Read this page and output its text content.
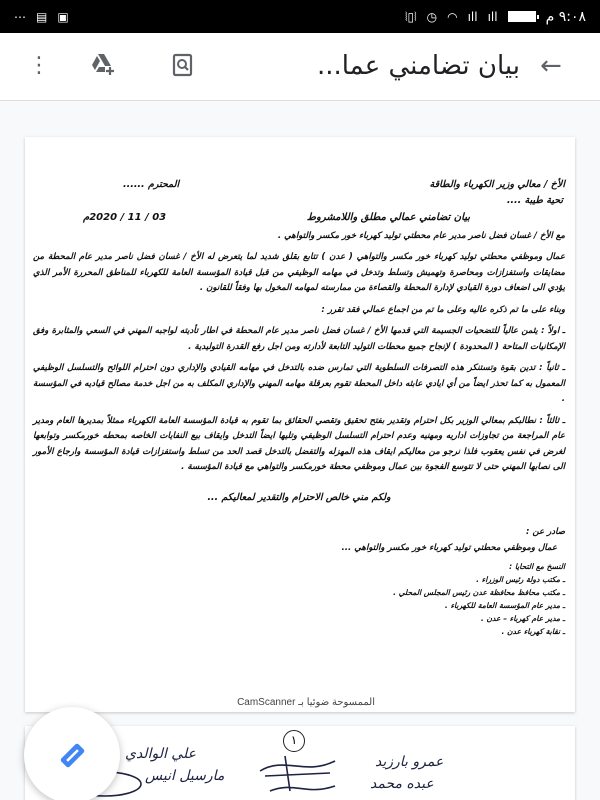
⋯ ▤ ▣	⦚▯⦚ ◷ ◠ ıll ıll	٩:٠٨ م
⋮	بيان تضامني عما... ←
الأخ / معالي وزير الكهرباء والطاقة
المحترم ......
تحية طيبة ....
بيان تضامني عمالي مطلق واللامشروط
03 / 11 / 2020م
مع الأخ / غسان فضل ناصر مدير عام محطتي توليد كهرباء خور مكسر والتواهي .
عمال وموظفي محطتي توليد كهرباء خور مكسر والتواهي ( عدن ) تتابع بقلق شديد لما يتعرض له الأخ / غسان فضل ناصر مدير عام المحطة من مضايقات واستفزازات ومحاصرة وتهميش وتسلط وتدخل في مهامه الوظيفي من قبل قيادة المؤسسة العامة للكهرباء للمناطق المحررة الأمر الذي يؤدي الى اضعاف دورة القيادي لإدارة المحطة والقصاءة من ممارسته لمهامه المخول بها وفقاً للقانون .
وبناء على ما تم ذكره عاليه وعلى ما تم من اجماع عمالي فقد تقرر :
ـ اولاً : يثمن عالياً للتضحيات الجسيمة التي قدمها الأخ / غسان فضل ناصر مدير عام المحطة في اطار تأديته لواجبه المهني في السعي والمثابرة وفق الإمكانيات المتاحة ( المحدودة ) لإنجاح جميع محطات التوليد التابعة لأدارته ومن اجل رفع القدرة التوليدية .
ـ ثانياً : تدين بقوة وتستنكر هذه التصرفات السلطوية التي تمارس ضده بالتدخل في مهامه القيادي والإداري دون احترام اللوائح والتسلسل الوظيفي المعمول به كما تحذر ايضاً من أي ايادي عابثه داخل المحطة تقوم بعرقلة مهامه المهني والإداري المكلف به من اجل خدمة مصالح قياديه في المؤسسة .
ـ ثالثاً : نطالبكم بمعالي الوزير بكل احترام وتقدير بفتح تحقيق وتقصي الحقائق بما تقوم به قيادة المؤسسة العامة الكهرباء ممثلاً بمديرها العام ومدير عام المراجعة من تجاوزات اداريه ومهنيه وعدم احترام التسلسل الوظيفي وتليها ايضاً التدخل وايقاف بيع النفايات الخاصه بمحطه خورمكسر وتوابعها لغرض في نفس يعقوب فلذا نرجو من معاليكم ايقاف هذه المهزله والتفضل بالتدخل قصد الحد من تسلط واستفزازات قيادة المؤسسة وارجاع الأمور الى نصابها المهني حتى لا تتوسع الفجوة بين عمال وموظفي محطة خورمكسر والتواهي مع قيادة المؤسسة .
ولكم مني خالص الاحترام والتقدير لمعاليكم ...
صادر عن :
عمال وموظفي محطتي توليد كهرباء خور مكسر والتواهي ...
النسخ مع التحايا :
ـ مكتب دولة رئيس الوزراء .
ـ مكتب محافظ محافظة عدن رئيس المجلس المحلي .
ـ مدير عام المؤسسة العامة للكهرباء .
ـ مدير عام كهرباء – عدن .
ـ نقابة كهرباء عدن .
الممسوحة ضوئيا بـ CamScanner
١
علي الوالدي
مارسيل انيس
عمرو بارزيد
عبده محمد
